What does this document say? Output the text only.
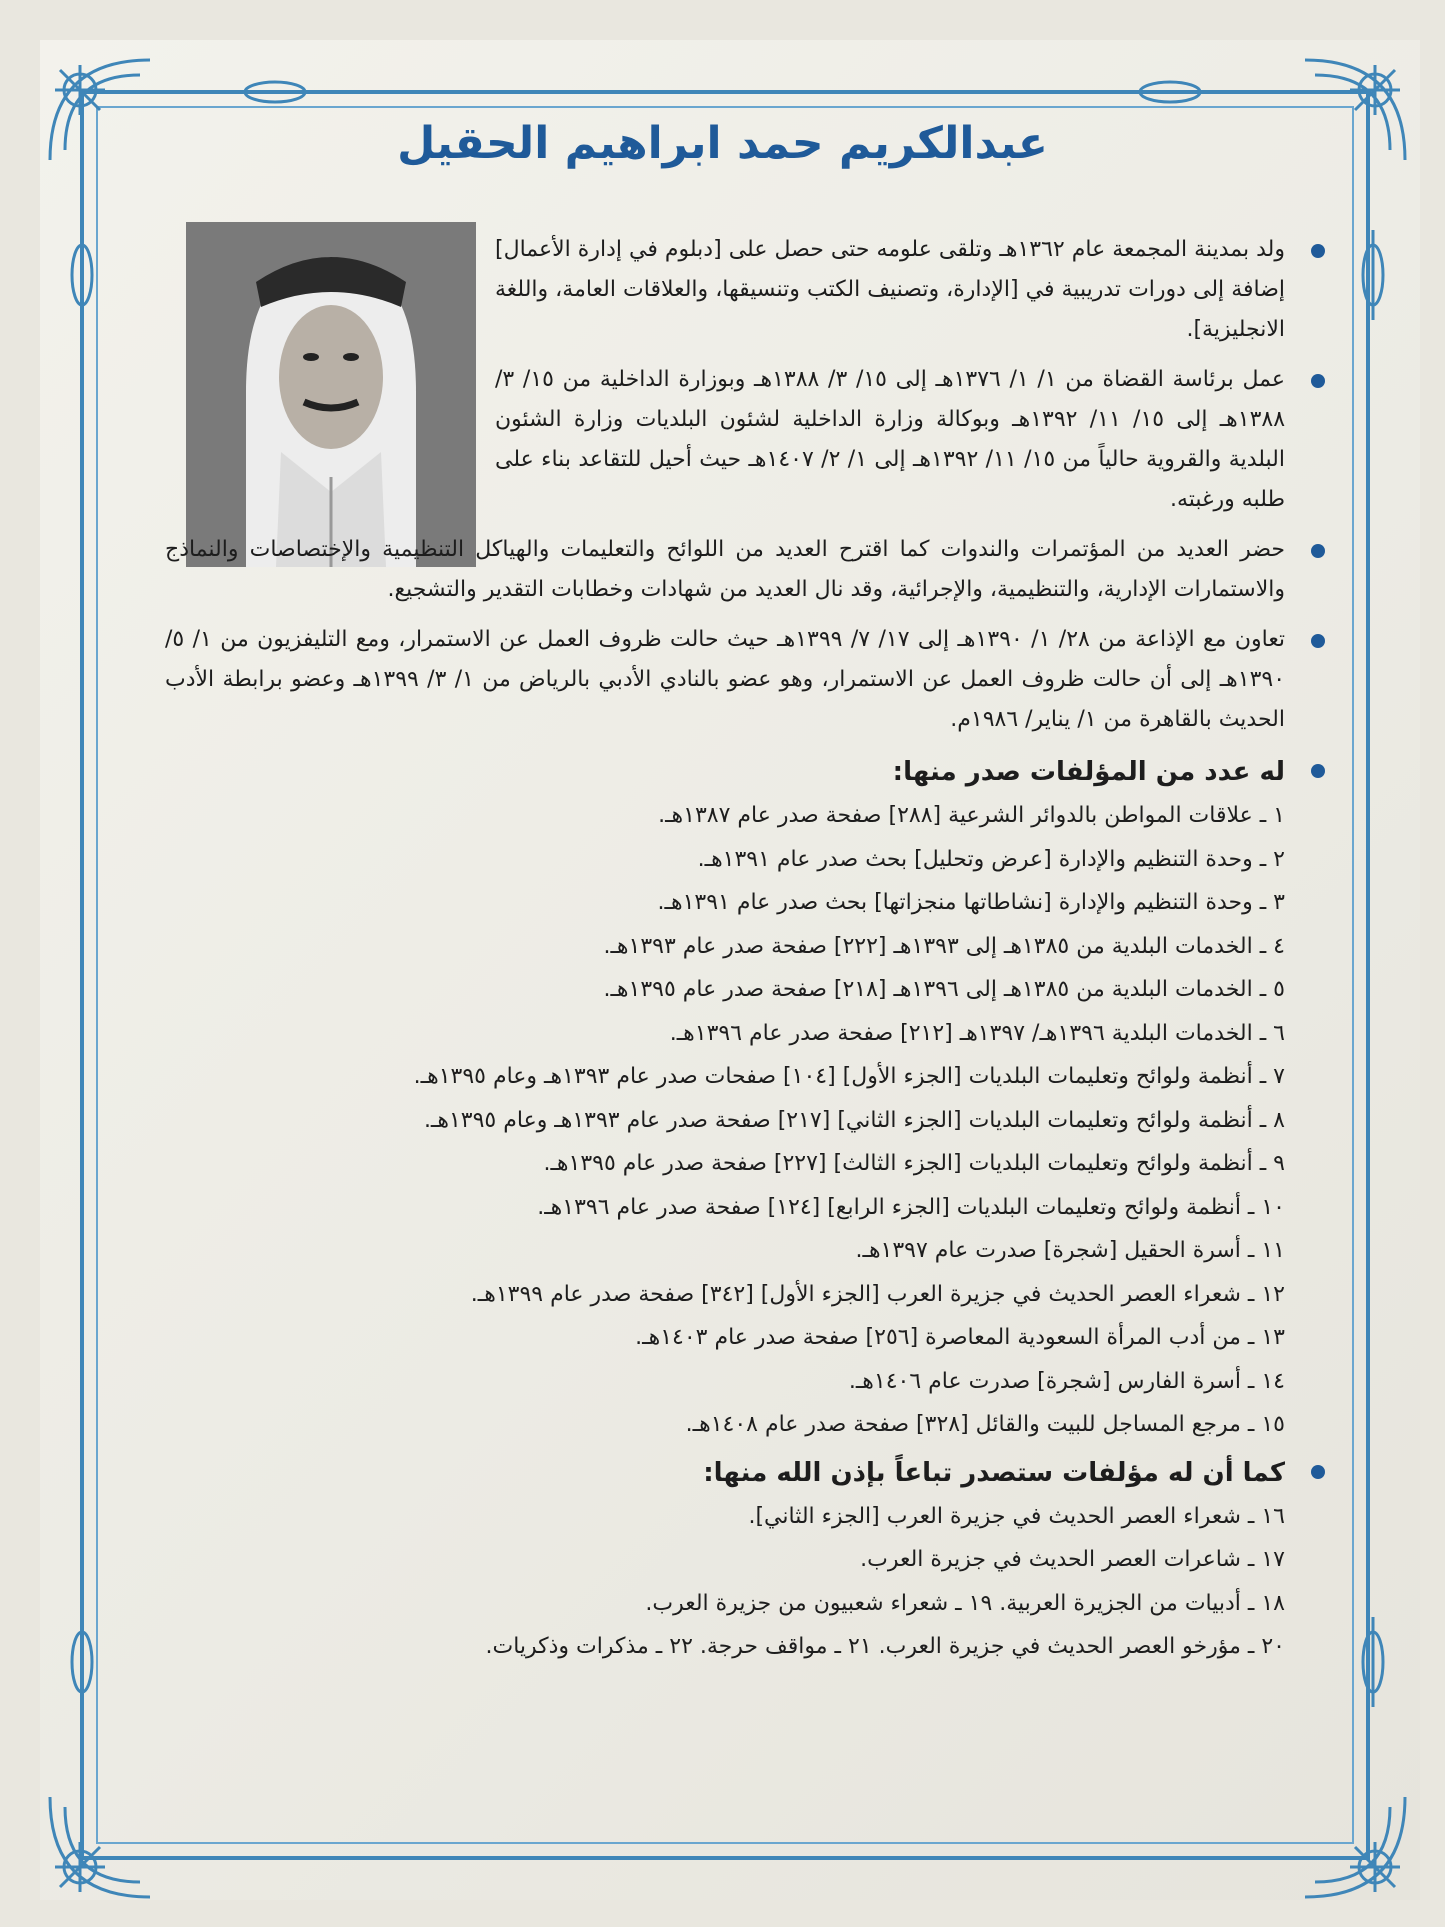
عبدالكريم حمد ابراهيم الحقيل
ولد بمدينة المجمعة عام ١٣٦٢هـ وتلقى علومه حتى حصل على [دبلوم في إدارة الأعمال] إضافة إلى دورات تدريبية في [الإدارة، وتصنيف الكتب وتنسيقها، والعلاقات العامة، واللغة الانجليزية].
عمل برئاسة القضاة من ١/ ١/ ١٣٧٦هـ إلى ١٥/ ٣/ ١٣٨٨هـ وبوزارة الداخلية من ١٥/ ٣/ ١٣٨٨هـ إلى ١٥/ ١١/ ١٣٩٢هـ وبوكالة وزارة الداخلية لشئون البلديات وزارة الشئون البلدية والقروية حالياً من ١٥/ ١١/ ١٣٩٢هـ إلى ١/ ٢/ ١٤٠٧هـ حيث أحيل للتقاعد بناء على طلبه ورغبته.
حضر العديد من المؤتمرات والندوات كما اقترح العديد من اللوائح والتعليمات والهياكل التنظيمية والإختصاصات والنماذج والاستمارات الإدارية، والتنظيمية، والإجرائية، وقد نال العديد من شهادات وخطابات التقدير والتشجيع.
تعاون مع الإذاعة من ٢٨/ ١/ ١٣٩٠هـ إلى ١٧/ ٧/ ١٣٩٩هـ حيث حالت ظروف العمل عن الاستمرار، ومع التليفزيون من ١/ ٥/ ١٣٩٠هـ إلى أن حالت ظروف العمل عن الاستمرار، وهو عضو بالنادي الأدبي بالرياض من ١/ ٣/ ١٣٩٩هـ وعضو برابطة الأدب الحديث بالقاهرة من ١/ يناير/ ١٩٨٦م.
له عدد من المؤلفات صدر منها:
١ ـ علاقات المواطن بالدوائر الشرعية [٢٨٨] صفحة صدر عام ١٣٨٧هـ.
٢ ـ وحدة التنظيم والإدارة [عرض وتحليل] بحث صدر عام ١٣٩١هـ.
٣ ـ وحدة التنظيم والإدارة [نشاطاتها منجزاتها] بحث صدر عام ١٣٩١هـ.
٤ ـ الخدمات البلدية من ١٣٨٥هـ إلى ١٣٩٣هـ [٢٢٢] صفحة صدر عام ١٣٩٣هـ.
٥ ـ الخدمات البلدية من ١٣٨٥هـ إلى ١٣٩٦هـ [٢١٨] صفحة صدر عام ١٣٩٥هـ.
٦ ـ الخدمات البلدية ١٣٩٦هـ/ ١٣٩٧هـ [٢١٢] صفحة صدر عام ١٣٩٦هـ.
٧ ـ أنظمة ولوائح وتعليمات البلديات [الجزء الأول] [١٠٤] صفحات صدر عام ١٣٩٣هـ وعام ١٣٩٥هـ.
٨ ـ أنظمة ولوائح وتعليمات البلديات [الجزء الثاني] [٢١٧] صفحة صدر عام ١٣٩٣هـ وعام ١٣٩٥هـ.
٩ ـ أنظمة ولوائح وتعليمات البلديات [الجزء الثالث] [٢٢٧] صفحة صدر عام ١٣٩٥هـ.
١٠ ـ أنظمة ولوائح وتعليمات البلديات [الجزء الرابع] [١٢٤] صفحة صدر عام ١٣٩٦هـ.
١١ ـ أسرة الحقيل [شجرة] صدرت عام ١٣٩٧هـ.
١٢ ـ شعراء العصر الحديث في جزيرة العرب [الجزء الأول] [٣٤٢] صفحة صدر عام ١٣٩٩هـ.
١٣ ـ من أدب المرأة السعودية المعاصرة [٢٥٦] صفحة صدر عام ١٤٠٣هـ.
١٤ ـ أسرة الفارس [شجرة] صدرت عام ١٤٠٦هـ.
١٥ ـ مرجع المساجل للبيت والقائل [٣٢٨] صفحة صدر عام ١٤٠٨هـ.
كما أن له مؤلفات ستصدر تباعاً بإذن الله منها:
١٦ ـ شعراء العصر الحديث في جزيرة العرب [الجزء الثاني].
١٧ ـ شاعرات العصر الحديث في جزيرة العرب.
١٨ ـ أدبيات من الجزيرة العربية. ١٩ ـ شعراء شعبيون من جزيرة العرب.
٢٠ ـ مؤرخو العصر الحديث في جزيرة العرب. ٢١ ـ مواقف حرجة. ٢٢ ـ مذكرات وذكريات.
